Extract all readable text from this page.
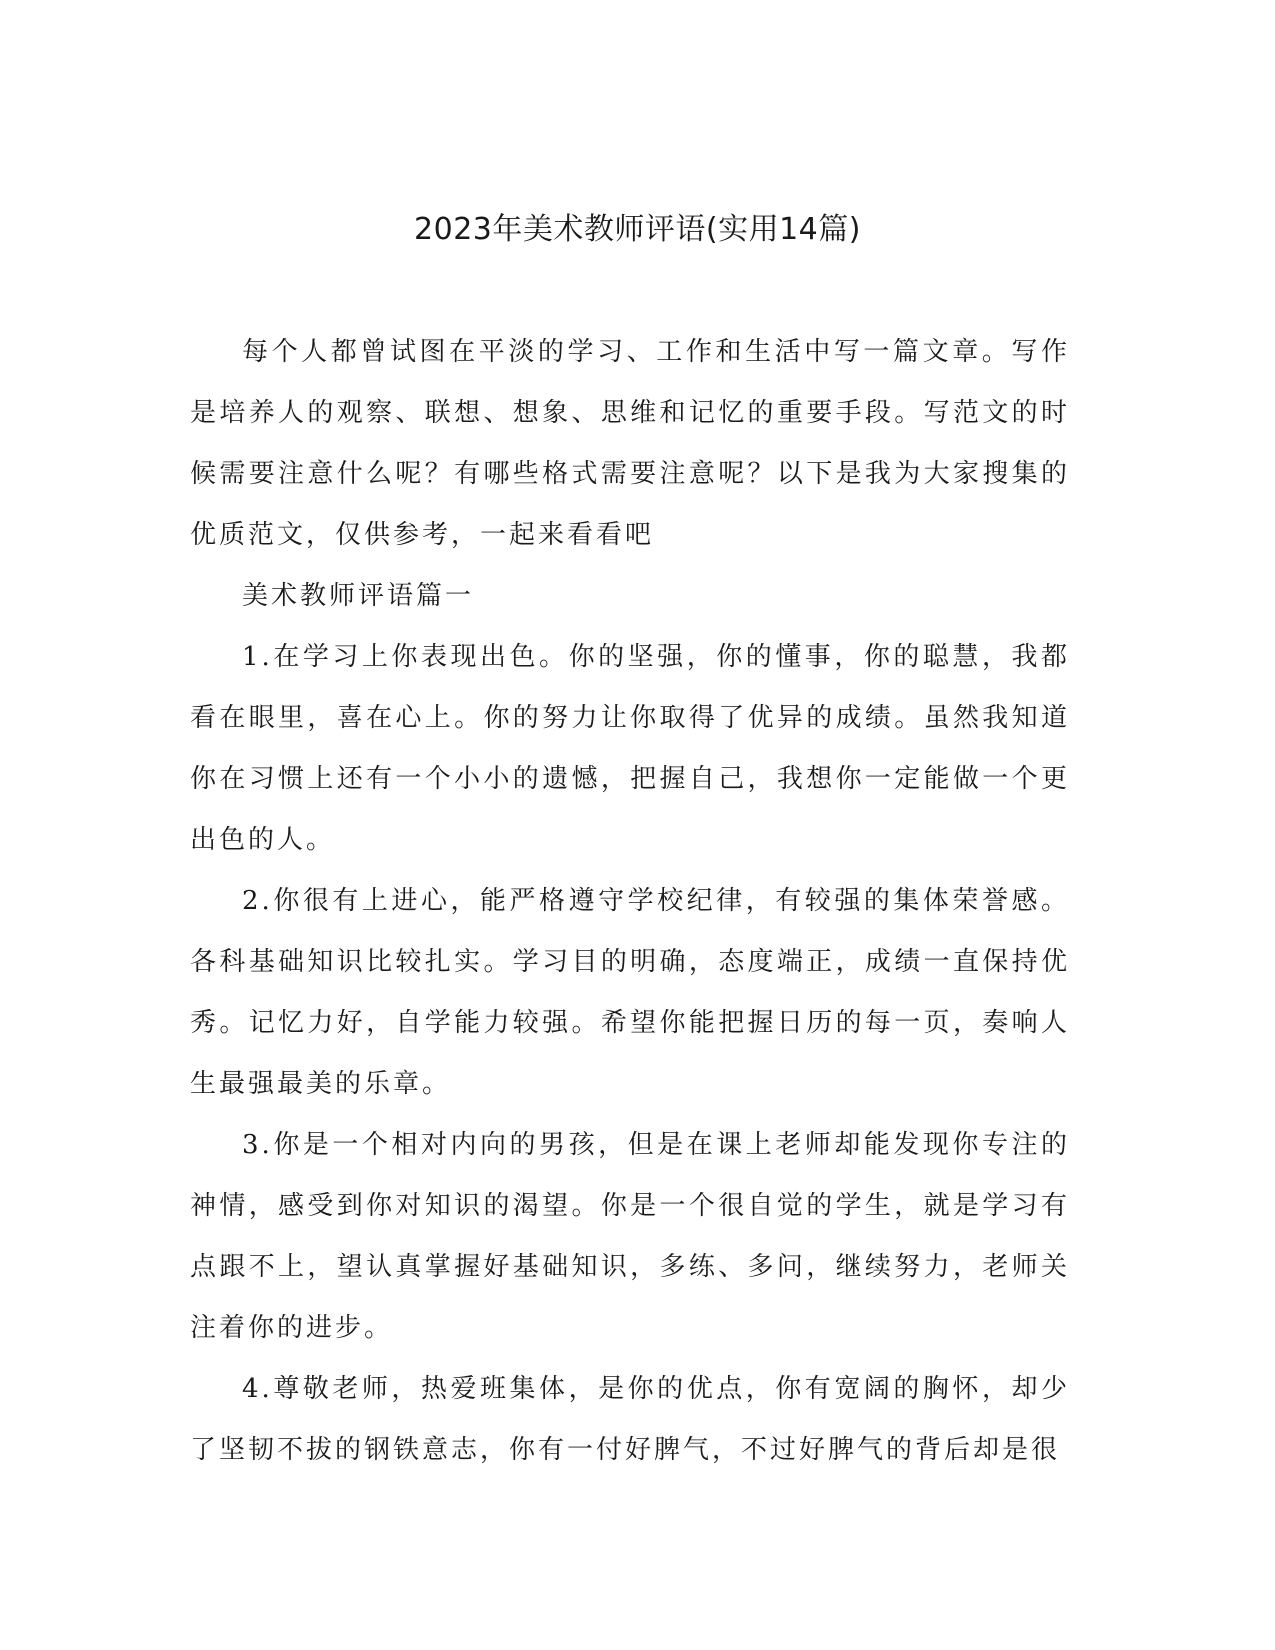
2023年美术教师评语(实用14篇)

每个人都曾试图在平淡的学习、工作和生活中写一篇文章。写作是培养人的观察、联想、想象、思维和记忆的重要手段。写范文的时候需要注意什么呢？有哪些格式需要注意呢？以下是我为大家搜集的优质范文，仅供参考，一起来看看吧

美术教师评语篇一

1.在学习上你表现出色。你的坚强，你的懂事，你的聪慧，我都看在眼里，喜在心上。你的努力让你取得了优异的成绩。虽然我知道你在习惯上还有一个小小的遗憾，把握自己，我想你一定能做一个更出色的人。

2.你很有上进心，能严格遵守学校纪律，有较强的集体荣誉感。各科基础知识比较扎实。学习目的明确，态度端正，成绩一直保持优秀。记忆力好，自学能力较强。希望你能把握日历的每一页，奏响人生最强最美的乐章。

3.你是一个相对内向的男孩，但是在课上老师却能发现你专注的神情，感受到你对知识的渴望。你是一个很自觉的学生，就是学习有点跟不上，望认真掌握好基础知识，多练、多问，继续努力，老师关注着你的进步。

4.尊敬老师，热爱班集体，是你的优点，你有宽阔的胸怀，却少了坚韧不拔的钢铁意志，你有一付好脾气，不过好脾气的背后却是很
